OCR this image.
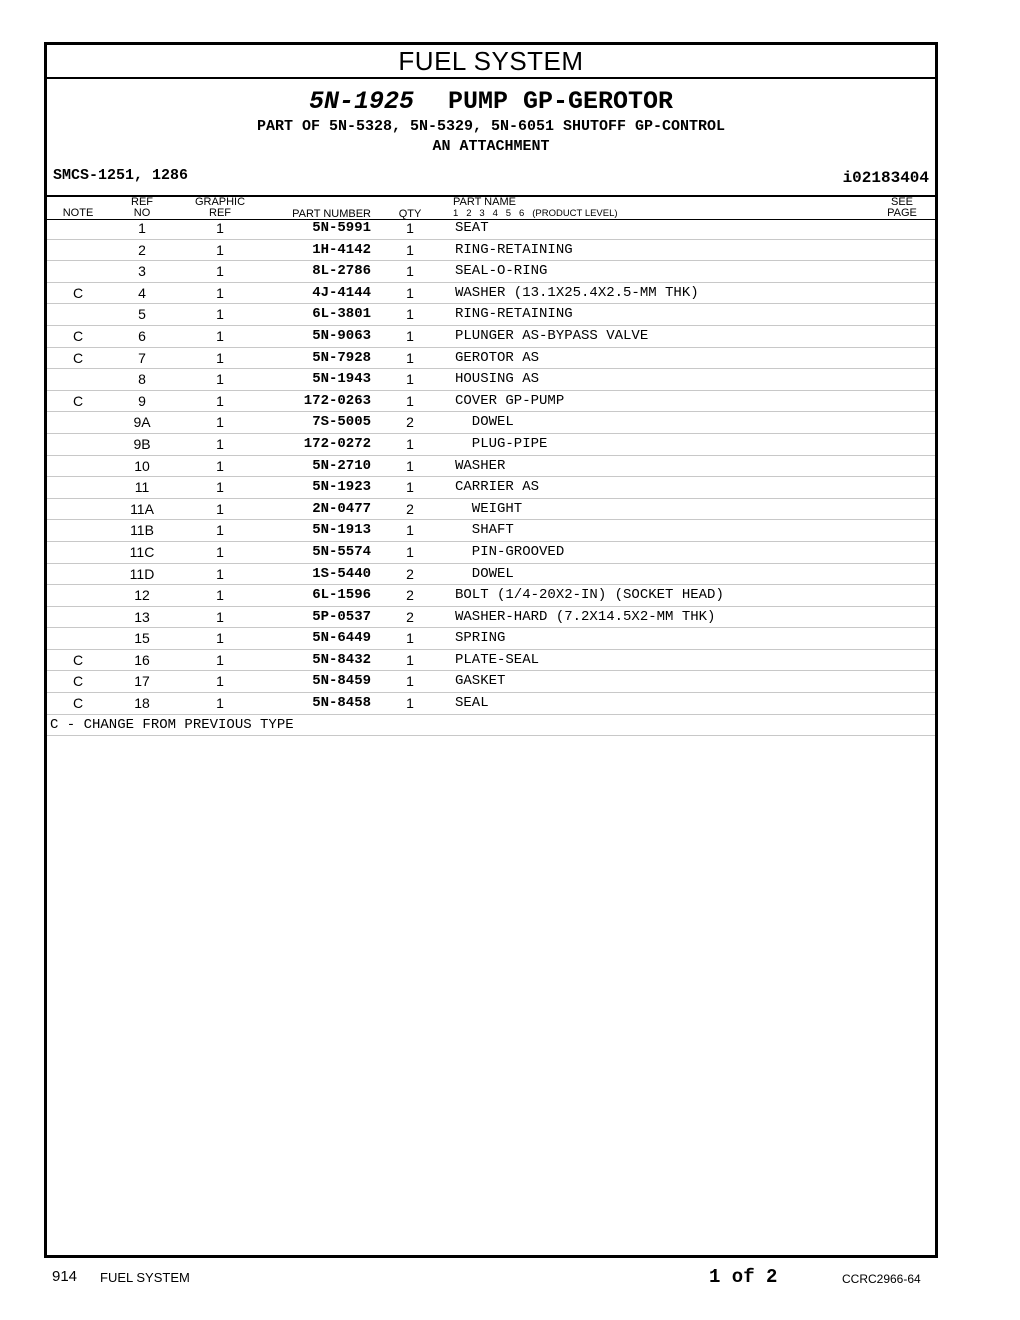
FUEL SYSTEM
5N-1925 PUMP GP-GEROTOR
PART OF 5N-5328, 5N-5329, 5N-6051 SHUTOFF GP-CONTROL
AN ATTACHMENT
SMCS-1251, 1286	i02183404
NOTE
REF
NO
GRAPHIC
REF	PART NUMBER	QTY
PART NAME
1   2   3   4   5   6   (PRODUCT LEVEL)
SEE
PAGE
1	1	5N-5991	1	SEAT
2	1	1H-4142	1	RING-RETAINING
3	1	8L-2786	1	SEAL-O-RING
C	4	1	4J-4144	1	WASHER (13.1X25.4X2.5-MM THK)
5	1	6L-3801	1	RING-RETAINING
C	6	1	5N-9063	1	PLUNGER AS-BYPASS VALVE
C	7	1	5N-7928	1	GEROTOR AS
8	1	5N-1943	1	HOUSING AS
C	9	1	172-0263	1	COVER GP-PUMP
9A	1	7S-5005	2	DOWEL
9B	1	172-0272	1	PLUG-PIPE
10	1	5N-2710	1	WASHER
11	1	5N-1923	1	CARRIER AS
11A	1	2N-0477	2	WEIGHT
11B	1	5N-1913	1	SHAFT
11C	1	5N-5574	1	PIN-GROOVED
11D	1	1S-5440	2	DOWEL
12	1	6L-1596	2	BOLT (1/4-20X2-IN) (SOCKET HEAD)
13	1	5P-0537	2	WASHER-HARD (7.2X14.5X2-MM THK)
15	1	5N-6449	1	SPRING
C	16	1	5N-8432	1	PLATE-SEAL
C	17	1	5N-8459	1	GASKET
C	18	1	5N-8458	1	SEAL
C - CHANGE FROM PREVIOUS TYPE
914 FUEL SYSTEM	1 of 2	CCRC2966-64
